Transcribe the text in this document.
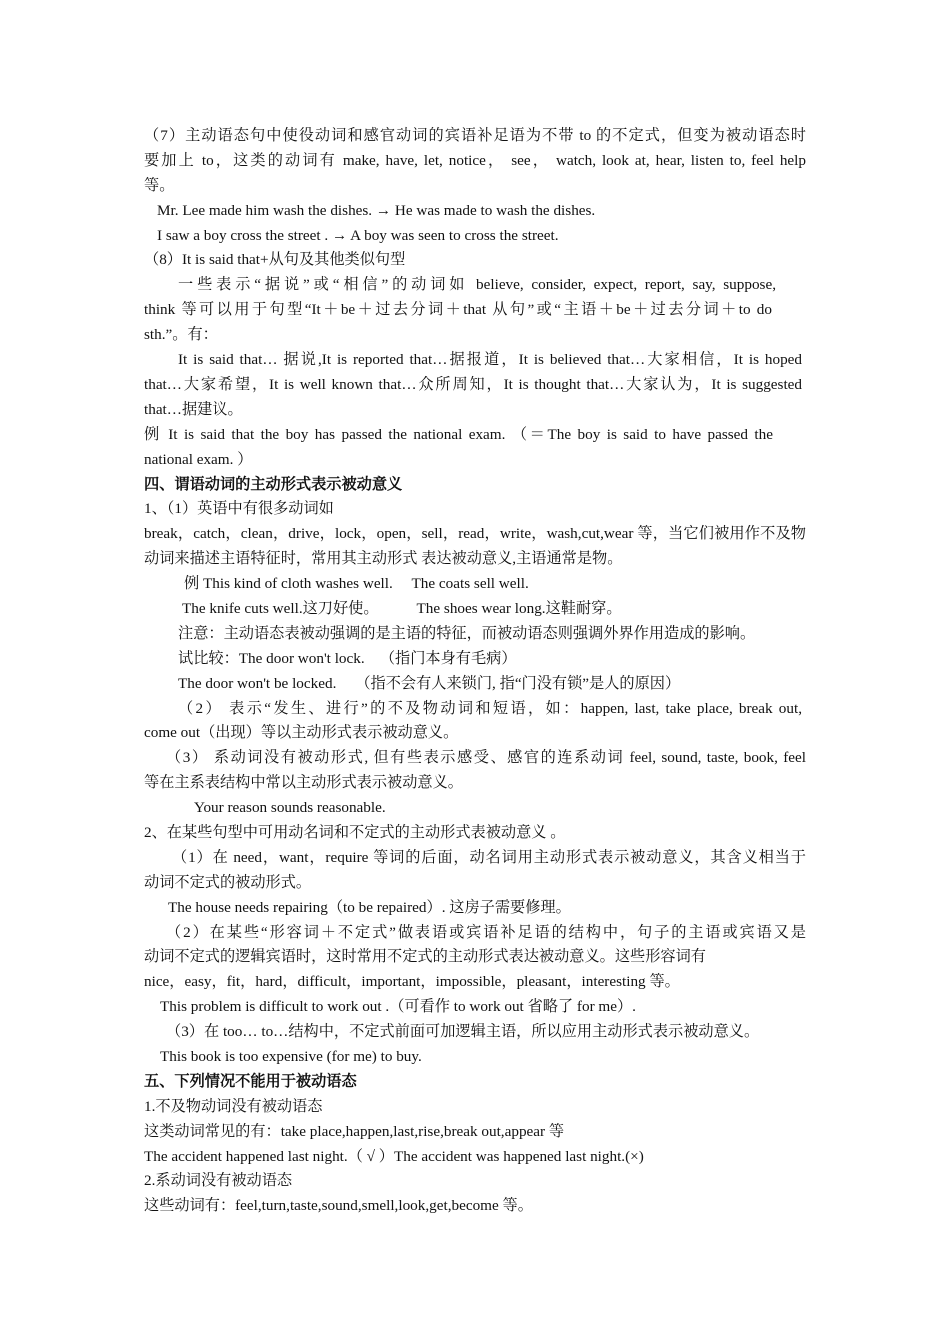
（7）主动语态句中使役动词和感官动词的宾语补足语为不带 to 的不定式，但变为被动语态时

要加上 to，这类的动词有 make, have, let, notice， see， watch, look at, hear, listen to, feel help

等。

Mr. Lee made him wash the dishes. → He was made to wash the dishes.

I saw a boy cross the street . → A boy was seen to cross the street.

（8）It is said that+从句及其他类似句型

一些表示“据说”或“相信”的动词如 believe, consider, expect, report, say, suppose,

think 等可以用于句型“It＋be＋过去分词＋that 从句”或“主语＋be＋过去分词＋to do

sth.”。有：

It is said that… 据说,It is reported that…据报道，It is believed that…大家相信，It is hoped

that…大家希望，It is well known that…众所周知，It is thought that…大家认为，It is suggested

that…据建议。

例 It is said that the boy has passed the national exam. （＝The boy is said to have passed the

national exam. ）

四、谓语动词的主动形式表示被动意义

1、（1）英语中有很多动词如

break，catch，clean，drive，lock，open，sell，read，write，wash,cut,wear 等，当它们被用作不及物

动词来描述主语特征时，常用其主动形式 表达被动意义,主语通常是物。

例 This kind of cloth washes well.     The coats sell well.

The knife cuts well.这刀好使。          The shoes wear long.这鞋耐穿。

注意：主动语态表被动强调的是主语的特征，而被动语态则强调外界作用造成的影响。

试比较：The door won't lock.    （指门本身有毛病）

The door won't be locked.     （指不会有人来锁门, 指“门没有锁”是人的原因）

（2） 表示“发生、进行”的不及物动词和短语，如：happen, last, take place, break out,

come out（出现）等以主动形式表示被动意义。

（3） 系动词没有被动形式, 但有些表示感受、感官的连系动词 feel, sound, taste, book, feel

等在主系表结构中常以主动形式表示被动意义。

Your reason sounds reasonable.

2、在某些句型中可用动名词和不定式的主动形式表被动意义 。

（1）在 need，want，require 等词的后面，动名词用主动形式表示被动意义，其含义相当于

动词不定式的被动形式。

The house needs repairing（to be repaired）. 这房子需要修理。

（2）在某些“形容词＋不定式”做表语或宾语补足语的结构中，句子的主语或宾语又是

动词不定式的逻辑宾语时，这时常用不定式的主动形式表达被动意义。这些形容词有

nice，easy，fit，hard，difficult，important，impossible，pleasant，interesting 等。

This problem is difficult to work out .（可看作 to work out 省略了 for me）.

（3）在 too… to…结构中，不定式前面可加逻辑主语，所以应用主动形式表示被动意义。

This book is too expensive (for me) to buy.

五、下列情况不能用于被动语态

1.不及物动词没有被动语态

这类动词常见的有：take place,happen,last,rise,break out,appear 等

The accident happened last night.（ √ ）The accident was happened last night.(×)

2.系动词没有被动语态

这些动词有：feel,turn,taste,sound,smell,look,get,become 等。
